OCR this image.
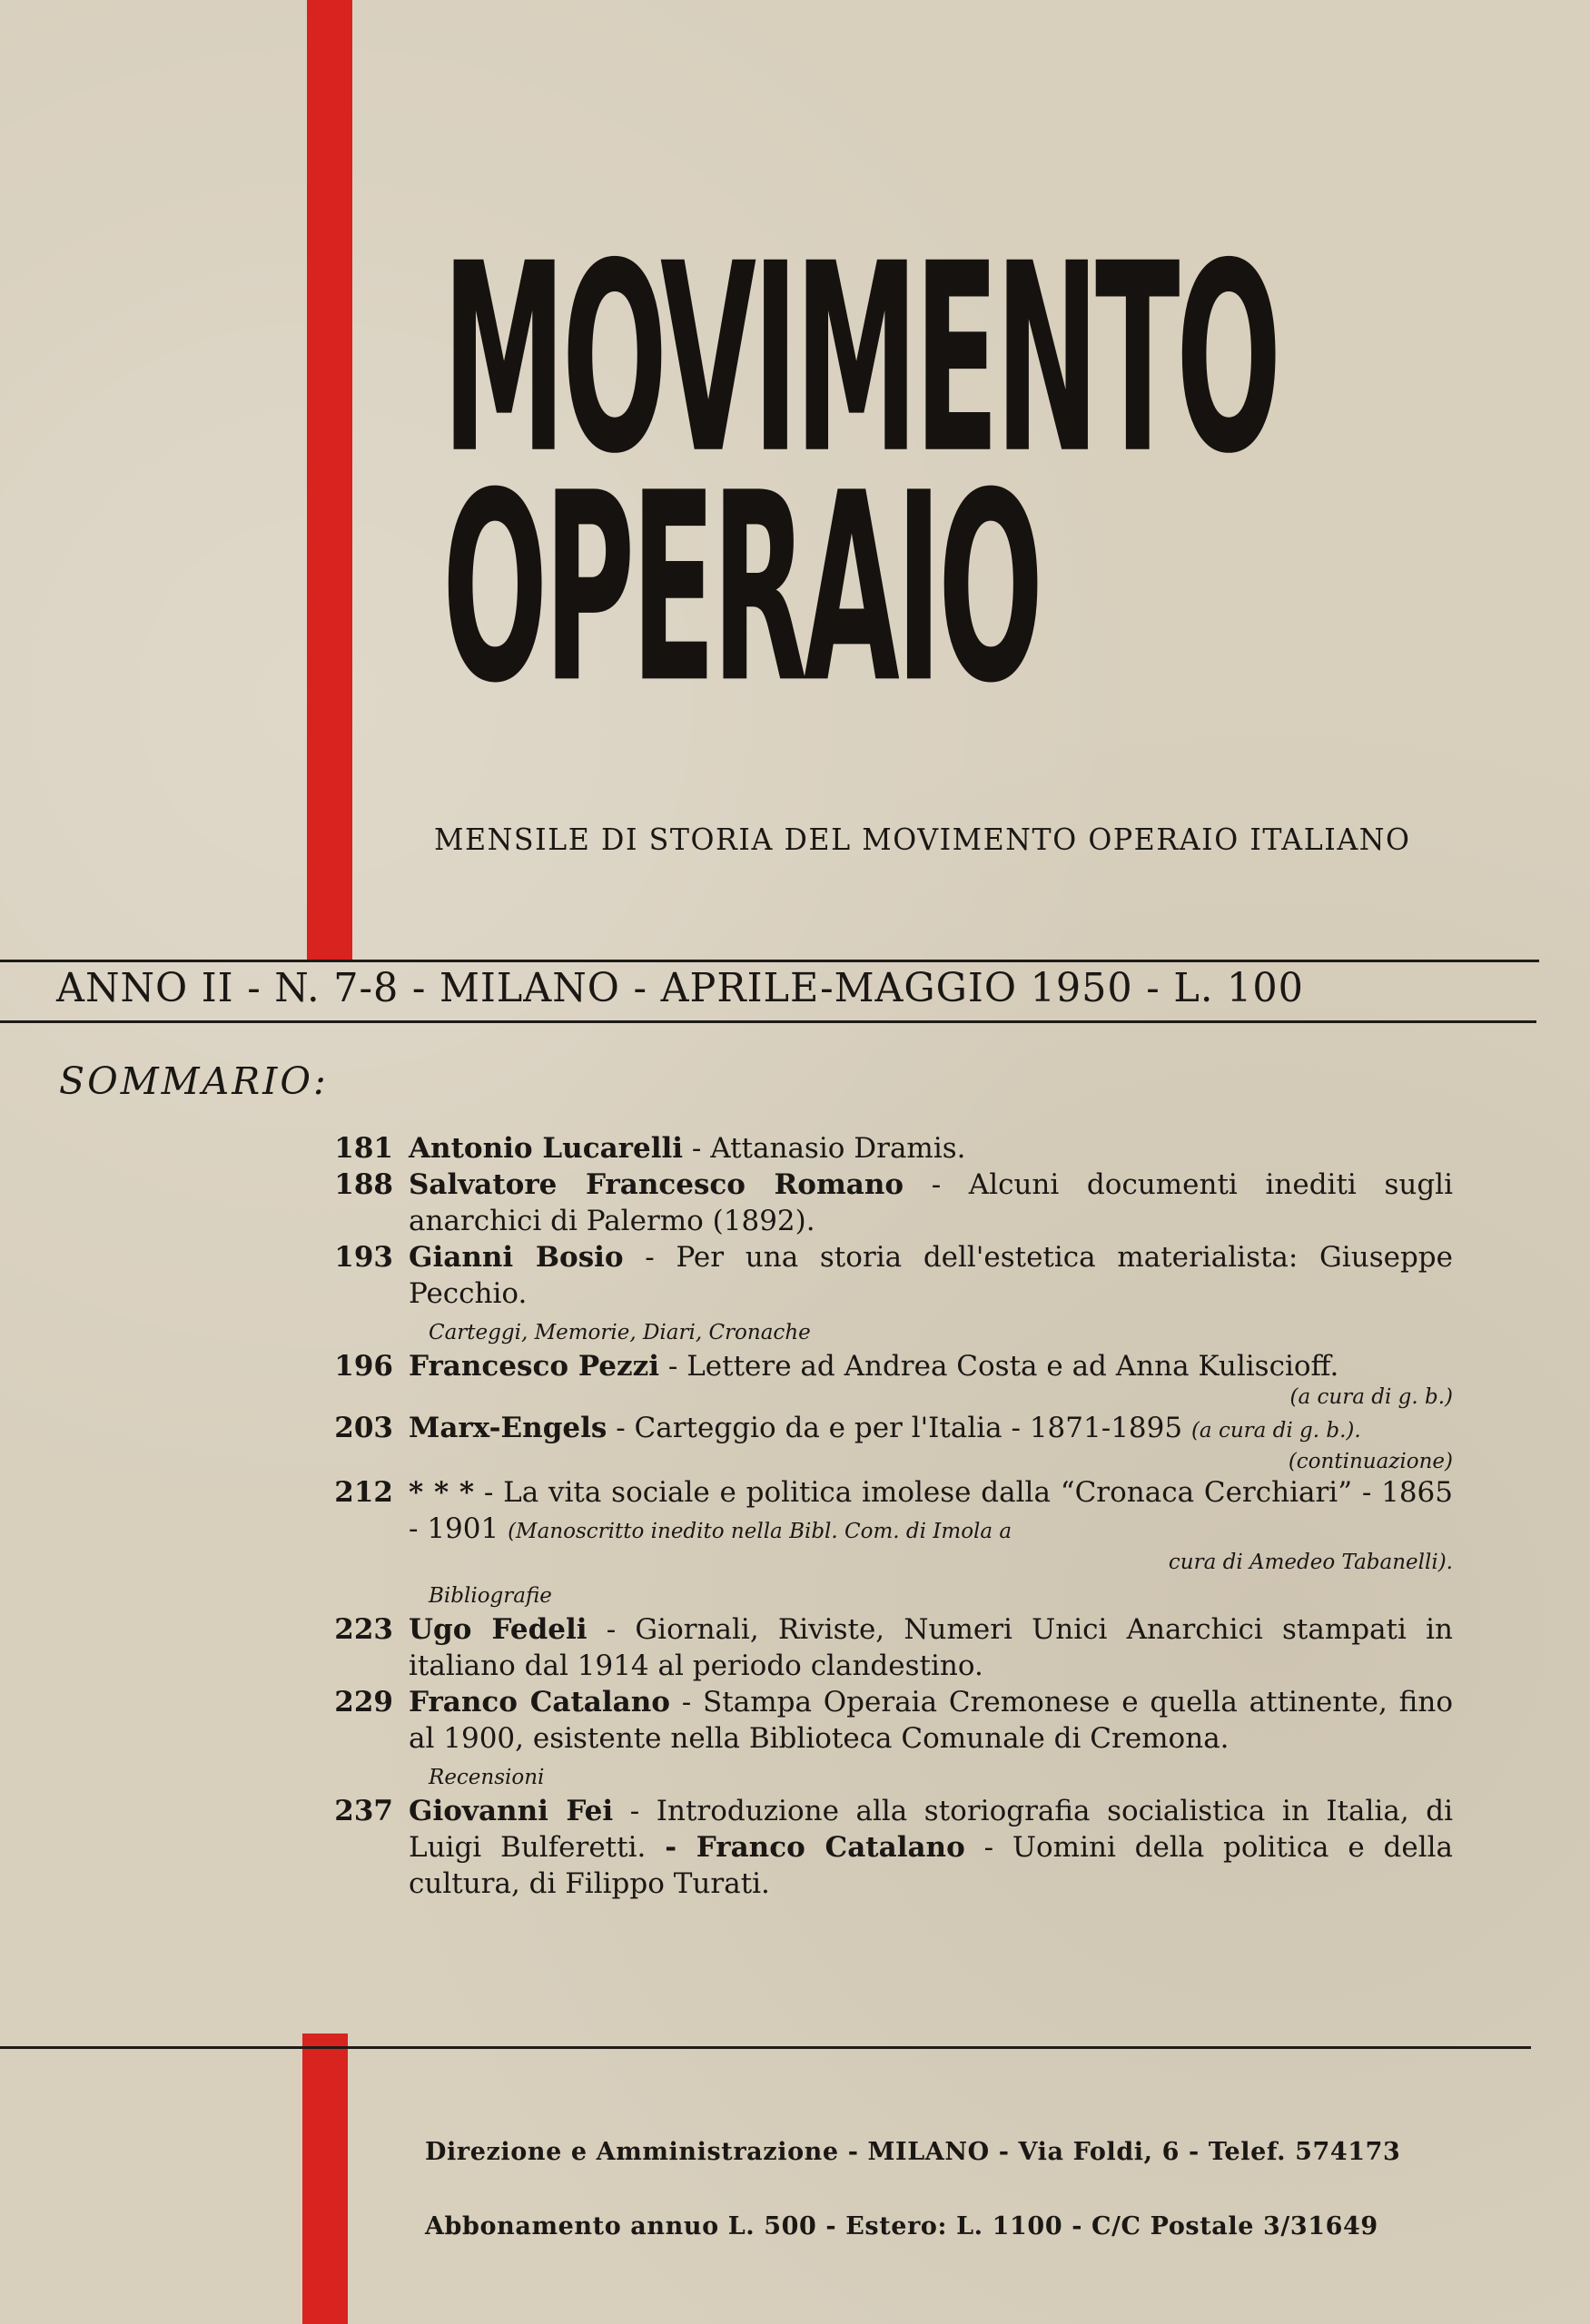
MOVIMENTO
OPERAIO
MENSILE DI STORIA DEL MOVIMENTO OPERAIO ITALIANO
ANNO II - N. 7-8 - MILANO - APRILE-MAGGIO 1950 - L. 100
SOMMARIO:
181 Antonio Lucarelli - Attanasio Dramis.
188 Salvatore Francesco Romano - Alcuni documenti inediti sugli anarchici di Palermo (1892).
193 Gianni Bosio - Per una storia dell'estetica materialista: Giuseppe Pecchio.
Carteggi, Memorie, Diari, Cronache
196 Francesco Pezzi - Lettere ad Andrea Costa e ad Anna Kuliscioff.
(a cura di g. b.)
203 Marx-Engels - Carteggio da e per l'Italia - 1871-1895 (a cura di g. b.).
(continuazione)
212 * * * - La vita sociale e politica imolese dalla “Cronaca Cerchiari” - 1865 - 1901 (Manoscritto inedito nella Bibl. Com. di Imola a
cura di Amedeo Tabanelli).
Bibliografie
223 Ugo Fedeli - Giornali, Riviste, Numeri Unici Anarchici stampati in italiano dal 1914 al periodo clandestino.
229 Franco Catalano - Stampa Operaia Cremonese e quella attinente, fino al 1900, esistente nella Biblioteca Comunale di Cremona.
Recensioni
237 Giovanni Fei - Introduzione alla storiografia socialistica in Italia, di Luigi Bulferetti. - Franco Catalano - Uomini della politica e della cultura, di Filippo Turati.
Direzione e Amministrazione - MILANO - Via Foldi, 6 - Telef. 574173
Abbonamento annuo L. 500 - Estero: L. 1100 - C/C Postale 3/31649
